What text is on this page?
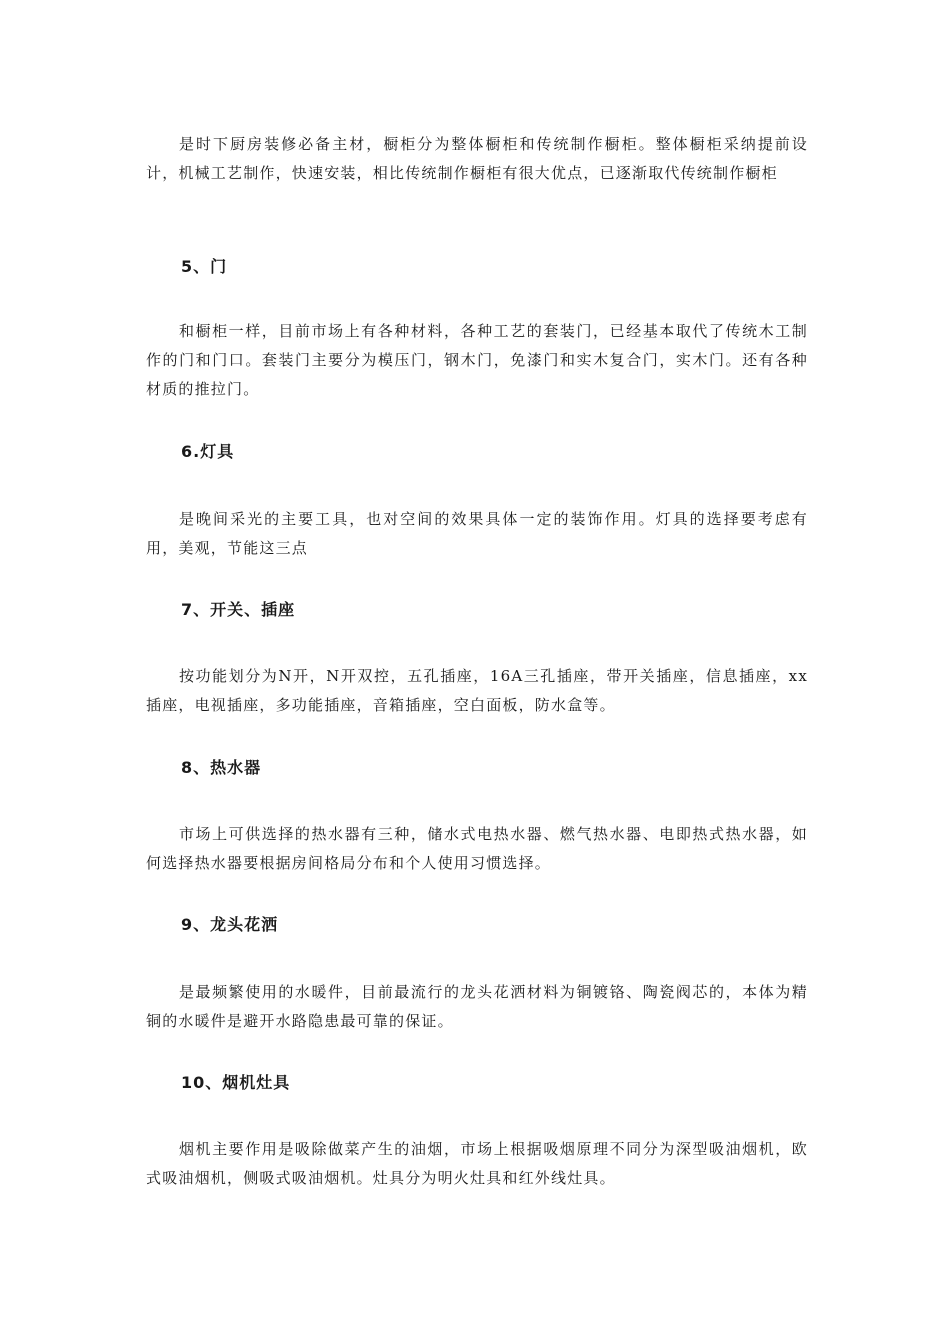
是时下厨房装修必备主材，橱柜分为整体橱柜和传统制作橱柜。整体橱柜采纳提前设计，机械工艺制作，快速安装，相比传统制作橱柜有很大优点，已逐渐取代传统制作橱柜

5、门

和橱柜一样，目前市场上有各种材料，各种工艺的套装门，已经基本取代了传统木工制作的门和门口。套装门主要分为模压门，钢木门，免漆门和实木复合门，实木门。还有各种材质的推拉门。

6.灯具

是晚间采光的主要工具，也对空间的效果具体一定的装饰作用。灯具的选择要考虑有用，美观，节能这三点

7、开关、插座

按功能划分为N开，N开双控，五孔插座，16A三孔插座，带开关插座，信息插座，xx插座，电视插座，多功能插座，音箱插座，空白面板，防水盒等。

8、热水器

市场上可供选择的热水器有三种，储水式电热水器、燃气热水器、电即热式热水器，如何选择热水器要根据房间格局分布和个人使用习惯选择。

9、龙头花洒

是最频繁使用的水暖件，目前最流行的龙头花洒材料为铜镀铬、陶瓷阀芯的，本体为精铜的水暖件是避开水路隐患最可靠的保证。

10、烟机灶具

烟机主要作用是吸除做菜产生的油烟，市场上根据吸烟原理不同分为深型吸油烟机，欧式吸油烟机，侧吸式吸油烟机。灶具分为明火灶具和红外线灶具。
